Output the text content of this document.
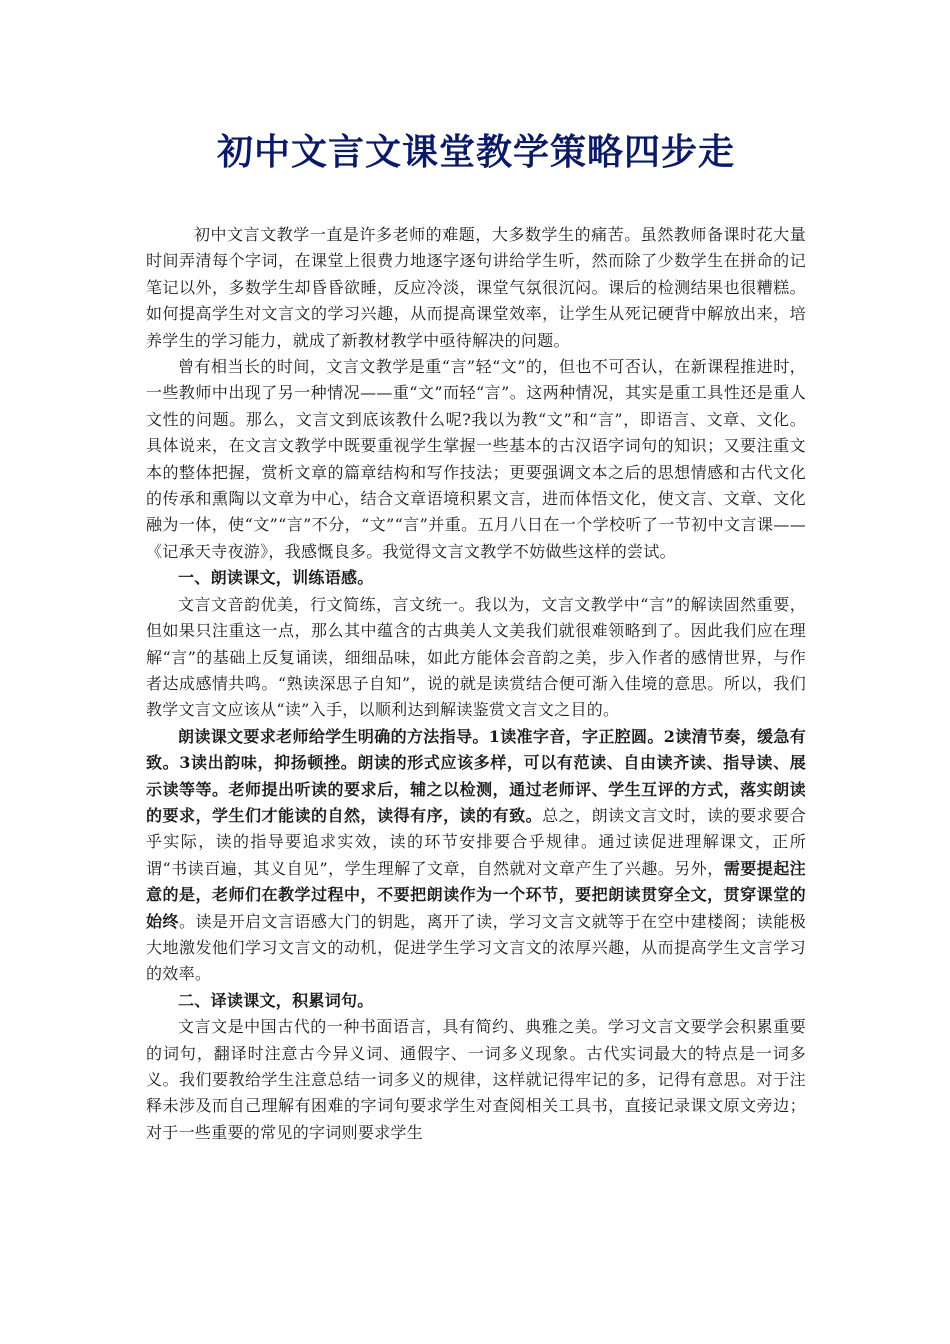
初中文言文课堂教学策略四步走

初中文言文教学一直是许多老师的难题，大多数学生的痛苦。虽然教师备课时花大量时间弄清每个字词，在课堂上很费力地逐字逐句讲给学生听，然而除了少数学生在拼命的记笔记以外，多数学生却昏昏欲睡，反应冷淡，课堂气氛很沉闷。课后的检测结果也很糟糕。如何提高学生对文言文的学习兴趣，从而提高课堂效率，让学生从死记硬背中解放出来，培养学生的学习能力，就成了新教材教学中亟待解决的问题。

曾有相当长的时间，文言文教学是重“言”轻“文”的，但也不可否认，在新课程推进时，一些教师中出现了另一种情况——重“文”而轻“言”。这两种情况，其实是重工具性还是重人文性的问题。那么，文言文到底该教什么呢?我以为教“文”和“言”，即语言、文章、文化。具体说来，在文言文教学中既要重视学生掌握一些基本的古汉语字词句的知识；又要注重文本的整体把握，赏析文章的篇章结构和写作技法；更要强调文本之后的思想情感和古代文化的传承和熏陶以文章为中心，结合文章语境积累文言，进而体悟文化，使文言、文章、文化融为一体，使“文”“言”不分，“文”“言”并重。五月八日在一个学校听了一节初中文言课——《记承天寺夜游》，我感慨良多。我觉得文言文教学不妨做些这样的尝试。

一、朗读课文，训练语感。

文言文音韵优美，行文简练，言文统一。我以为，文言文教学中“言”的解读固然重要，但如果只注重这一点，那么其中蕴含的古典美人文美我们就很难领略到了。因此我们应在理解“言”的基础上反复诵读，细细品味，如此方能体会音韵之美，步入作者的感情世界，与作者达成感情共鸣。“熟读深思子自知”，说的就是读赏结合便可渐入佳境的意思。所以，我们教学文言文应该从“读”入手，以顺利达到解读鉴赏文言文之目的。

朗读课文要求老师给学生明确的方法指导。1读准字音，字正腔圆。2读清节奏，缓急有致。3读出韵味，抑扬顿挫。朗读的形式应该多样，可以有范读、自由读齐读、指导读、展示读等等。老师提出听读的要求后，辅之以检测，通过老师评、学生互评的方式，落实朗读的要求，学生们才能读的自然，读得有序，读的有致。总之，朗读文言文时，读的要求要合乎实际，读的指导要追求实效，读的环节安排要合乎规律。通过读促进理解课文，正所谓“书读百遍，其义自见”，学生理解了文章，自然就对文章产生了兴趣。另外，需要提起注意的是，老师们在教学过程中，不要把朗读作为一个环节，要把朗读贯穿全文，贯穿课堂的始终。读是开启文言语感大门的钥匙，离开了读，学习文言文就等于在空中建楼阁；读能极大地激发他们学习文言文的动机，促进学生学习文言文的浓厚兴趣，从而提高学生文言学习的效率。

二、译读课文，积累词句。

文言文是中国古代的一种书面语言，具有简约、典雅之美。学习文言文要学会积累重要的词句，翻译时注意古今异义词、通假字、一词多义现象。古代实词最大的特点是一词多义。我们要教给学生注意总结一词多义的规律，这样就记得牢记的多，记得有意思。对于注释未涉及而自己理解有困难的字词句要求学生对查阅相关工具书，直接记录课文原文旁边；对于一些重要的常见的字词则要求学生
